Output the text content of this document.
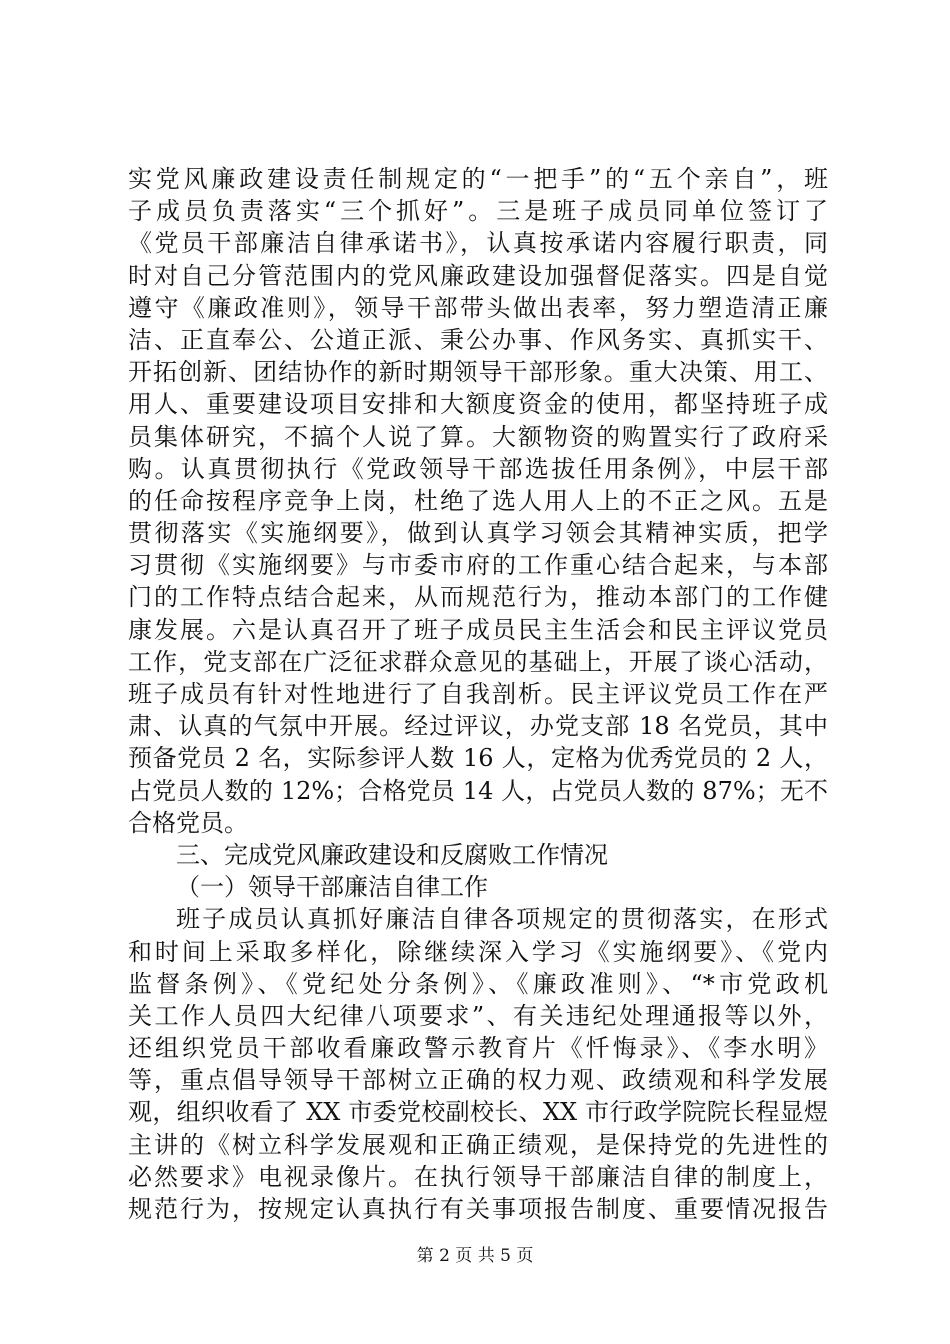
实党风廉政建设责任制规定的“一把手”的“五个亲自”，班
子成员负责落实“三个抓好”。三是班子成员同单位签订了
《党员干部廉洁自律承诺书》，认真按承诺内容履行职责，同
时对自己分管范围内的党风廉政建设加强督促落实。四是自觉
遵守《廉政准则》，领导干部带头做出表率，努力塑造清正廉
洁、正直奉公、公道正派、秉公办事、作风务实、真抓实干、
开拓创新、团结协作的新时期领导干部形象。重大决策、用工、
用人、重要建设项目安排和大额度资金的使用，都坚持班子成
员集体研究，不搞个人说了算。大额物资的购置实行了政府采
购。认真贯彻执行《党政领导干部选拔任用条例》，中层干部
的任命按程序竞争上岗，杜绝了选人用人上的不正之风。五是
贯彻落实《实施纲要》，做到认真学习领会其精神实质，把学
习贯彻《实施纲要》与市委市府的工作重心结合起来，与本部
门的工作特点结合起来，从而规范行为，推动本部门的工作健
康发展。六是认真召开了班子成员民主生活会和民主评议党员
工作，党支部在广泛征求群众意见的基础上，开展了谈心活动，
班子成员有针对性地进行了自我剖析。民主评议党员工作在严
肃、认真的气氛中开展。经过评议，办党支部 18 名党员，其中
预备党员 2 名，实际参评人数 16 人，定格为优秀党员的 2 人，
占党员人数的 12%；合格党员 14 人，占党员人数的 87%；无不
合格党员。
三、完成党风廉政建设和反腐败工作情况
（一）领导干部廉洁自律工作
班子成员认真抓好廉洁自律各项规定的贯彻落实，在形式
和时间上采取多样化，除继续深入学习《实施纲要》、《党内
监督条例》、《党纪处分条例》、《廉政准则》、“*市党政机
关工作人员四大纪律八项要求”、有关违纪处理通报等以外，
还组织党员干部收看廉政警示教育片《忏悔录》、《李水明》
等，重点倡导领导干部树立正确的权力观、政绩观和科学发展
观，组织收看了 XX 市委党校副校长、XX 市行政学院院长程显煜
主讲的《树立科学发展观和正确正绩观，是保持党的先进性的
必然要求》电视录像片。在执行领导干部廉洁自律的制度上，
规范行为，按规定认真执行有关事项报告制度、重要情况报告
第 2 页 共 5 页
